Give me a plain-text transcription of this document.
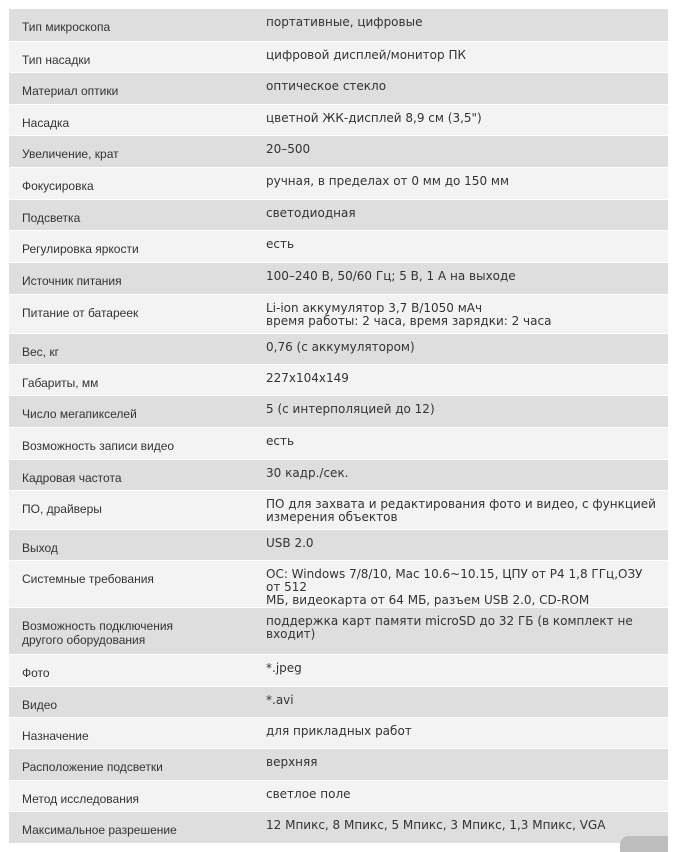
Тип микроскопа	портативные, цифровые
Тип насадки	цифровой дисплей/монитор ПК
Материал оптики	оптическое стекло
Насадка	цветной ЖК-дисплей 8,9 см (3,5")
Увеличение, крат	20–500
Фокусировка	ручная, в пределах от 0 мм до 150 мм
Подсветка	светодиодная
Регулировка яркости	есть
Источник питания	100–240 В, 50/60 Гц; 5 В, 1 А на выходе
Питание от батареек	Li-ion аккумулятор 3,7 В/1050 мАч
время работы: 2 часа, время зарядки: 2 часа
Вес, кг	0,76 (с аккумулятором)
Габариты, мм	227x104x149
Число мегапикселей	5 (с интерполяцией до 12)
Возможность записи видео	есть
Кадровая частота	30 кадр./сек.
ПО, драйверы	ПО для захвата и редактирования фото и видео, с функцией
измерения объектов
Выход	USB 2.0
Системные требования	ОС: Windows 7/8/10, Mac 10.6~10.15, ЦПУ от P4 1,8 ГГц,ОЗУ от 512
МБ, видеокарта от 64 МБ, разъем USB 2.0, CD-ROM
Возможность подключения
другого оборудования	поддержка карт памяти microSD до 32 ГБ (в комплект не входит)
Фото	*.jpeg
Видео	*.avi
Назначение	для прикладных работ
Расположение подсветки	верхняя
Метод исследования	светлое поле
Максимальное разрешение	12 Мпикс, 8 Мпикс, 5 Мпикс, 3 Мпикс, 1,3 Мпикс, VGA
